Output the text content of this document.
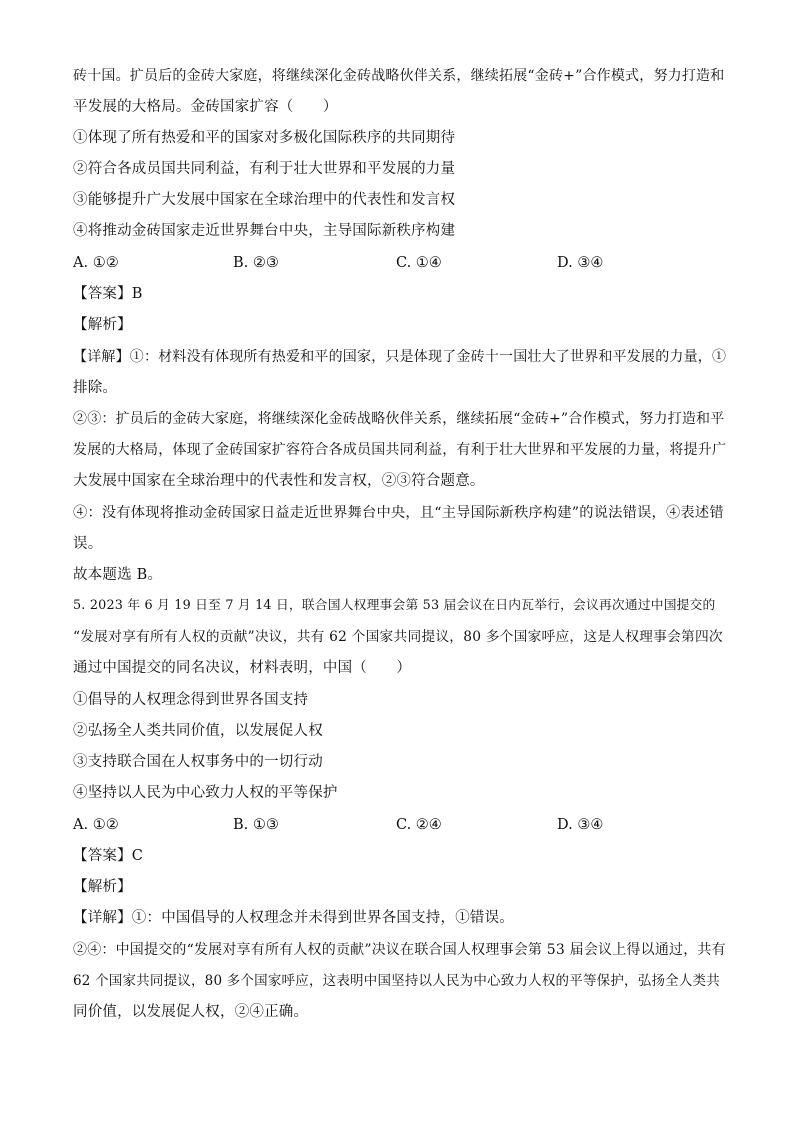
砖十国。扩员后的金砖大家庭，将继续深化金砖战略伙伴关系，继续拓展“金砖+”合作模式，努力打造和
平发展的大格局。金砖国家扩容（　　）
①体现了所有热爱和平的国家对多极化国际秩序的共同期待
②符合各成员国共同利益，有利于壮大世界和平发展的力量
③能够提升广大发展中国家在全球治理中的代表性和发言权
④将推动金砖国家走近世界舞台中央，主导国际新秩序构建
A. ①②	B. ②③	C. ①④	D. ③④
【答案】B
【解析】
【详解】①：材料没有体现所有热爱和平的国家，只是体现了金砖十一国壮大了世界和平发展的力量，①
排除。
②③：扩员后的金砖大家庭，将继续深化金砖战略伙伴关系，继续拓展“金砖+”合作模式，努力打造和平
发展的大格局，体现了金砖国家扩容符合各成员国共同利益，有利于壮大世界和平发展的力量，将提升广
大发展中国家在全球治理中的代表性和发言权，②③符合题意。
④：没有体现将推动金砖国家日益走近世界舞台中央，且“主导国际新秩序构建”的说法错误，④表述错
误。
故本题选 B。
5. 2023 年 6 月 19 日至 7 月 14 日，联合国人权理事会第 53 届会议在日内瓦举行，会议再次通过中国提交的
“发展对享有所有人权的贡献”决议，共有 62 个国家共同提议，80 多个国家呼应，这是人权理事会第四次
通过中国提交的同名决议，材料表明，中国（　　）
①倡导的人权理念得到世界各国支持
②弘扬全人类共同价值，以发展促人权
③支持联合国在人权事务中的一切行动
④坚持以人民为中心致力人权的平等保护
A. ①②	B. ①③	C. ②④	D. ③④
【答案】C
【解析】
【详解】①：中国倡导的人权理念并未得到世界各国支持，①错误。
②④：中国提交的“发展对享有所有人权的贡献”决议在联合国人权理事会第 53 届会议上得以通过，共有
62 个国家共同提议，80 多个国家呼应，这表明中国坚持以人民为中心致力人权的平等保护，弘扬全人类共
同价值，以发展促人权，②④正确。
